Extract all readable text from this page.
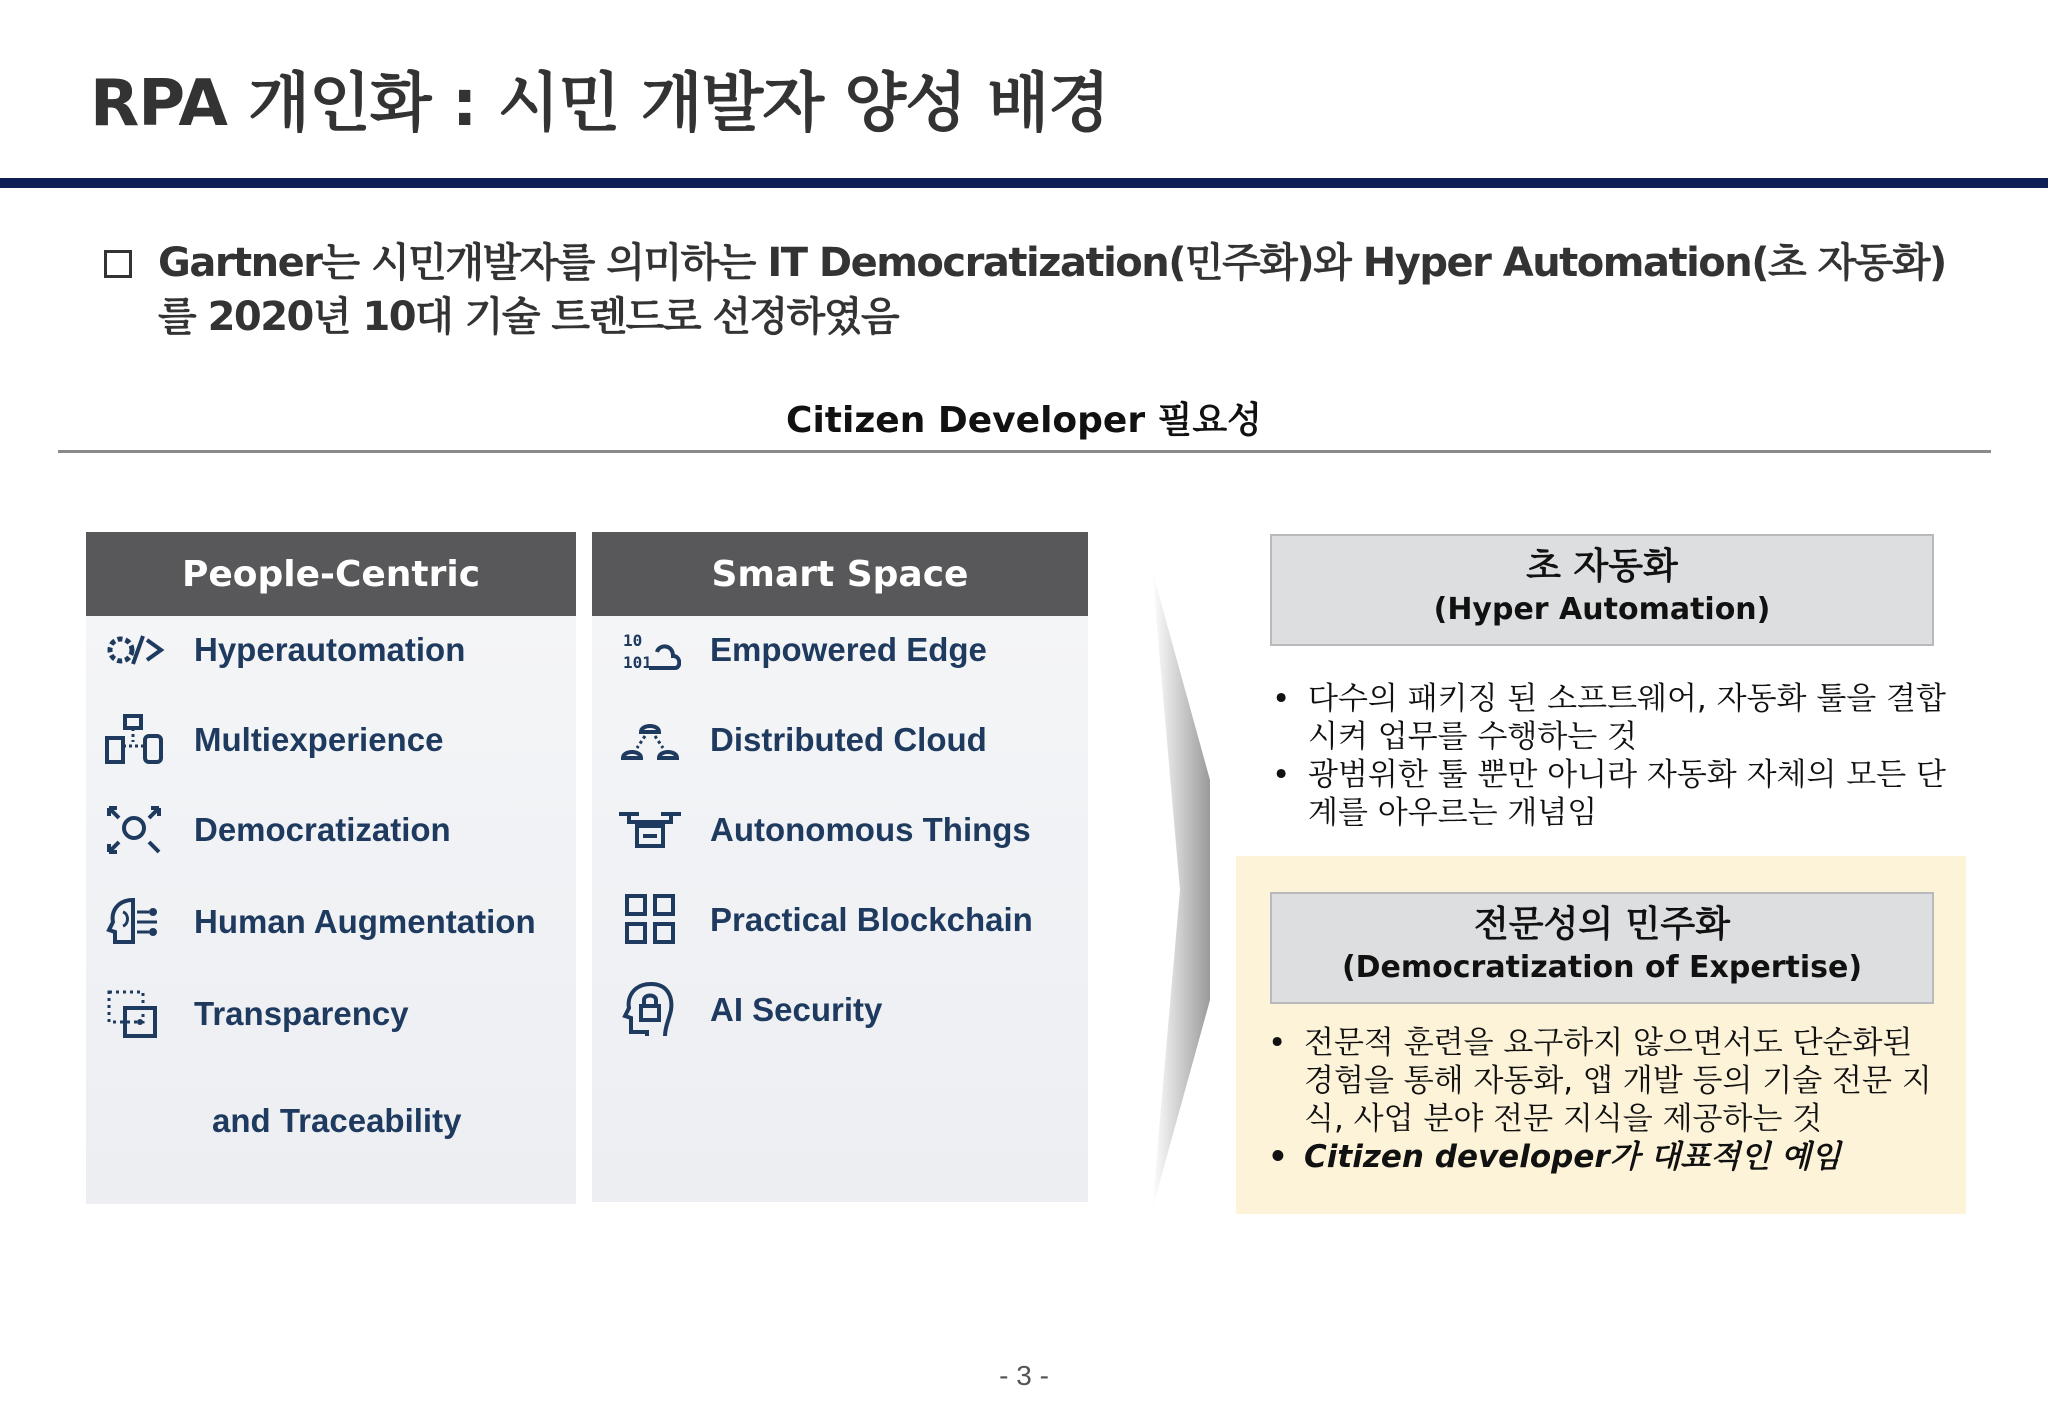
RPA 개인화 : 시민 개발자 양성 배경
Gartner는 시민개발자를 의미하는 IT Democratization(민주화)와 Hyper Automation(초 자동화)를 2020년 10대 기술 트렌드로 선정하였음
Citizen Developer 필요성
People-Centric
Hyperautomation
Multiexperience
Democratization
Human Augmentation
Transparency
and Traceability
Smart Space
10
101 Empowered Edge
Distributed Cloud
Autonomous Things
Practical Blockchain
AI Security
초 자동화
(Hyper Automation)
• 다수의 패키징 된 소프트웨어, 자동화 툴을 결합시켜 업무를 수행하는 것
• 광범위한 툴 뿐만 아니라 자동화 자체의 모든 단계를 아우르는 개념임
전문성의 민주화
(Democratization of Expertise)
• 전문적 훈련을 요구하지 않으면서도 단순화된 경험을 통해 자동화, 앱 개발 등의 기술 전문 지식, 사업 분야 전문 지식을 제공하는 것
• Citizen developer가 대표적인 예임
- 3 -
